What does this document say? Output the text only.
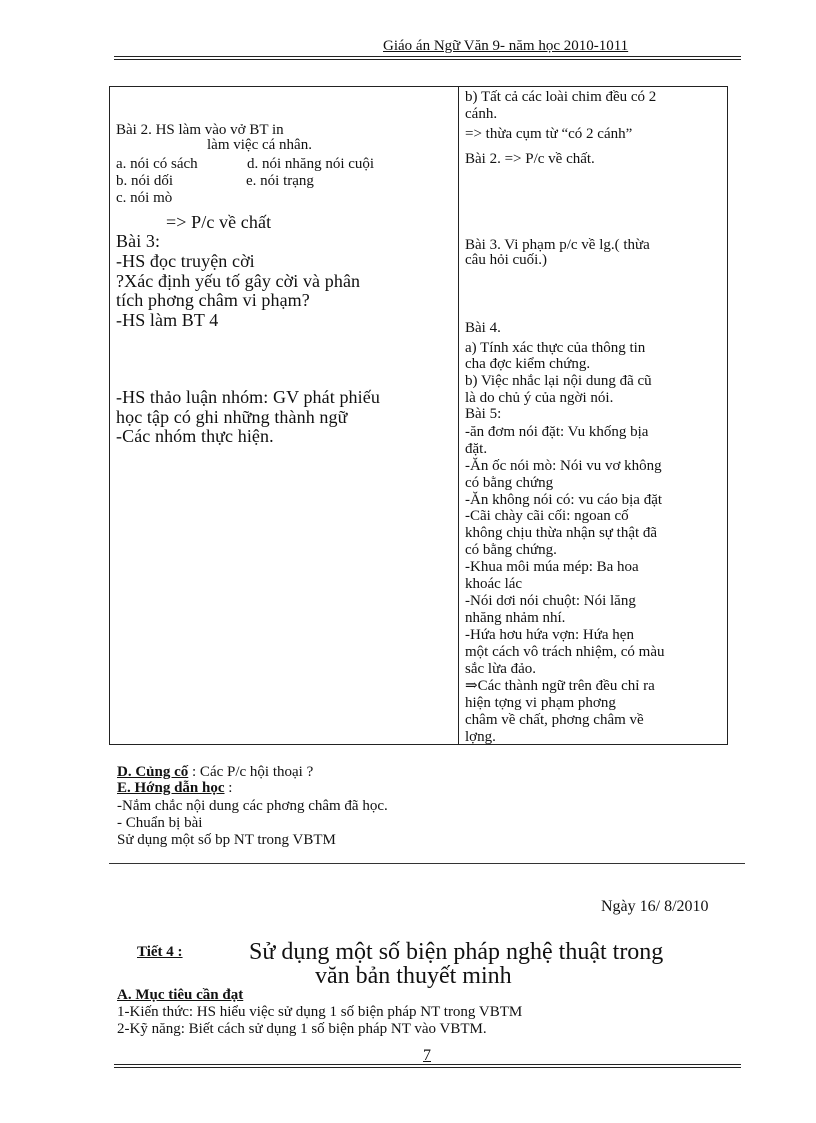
Giáo án Ngữ Văn 9- năm học 2010-1011
Bài 2. HS làm vào vở BT in
làm việc cá nhân.
a. nói có sách	d. nói nhăng nói cuội
b. nói dối	e. nói trạng
c. nói mò
=> P/c về chất
Bài 3:
-HS đọc truyện cời
?Xác định yếu tố gây cời và phân
tích phơng châm vi phạm?
-HS làm BT 4
-HS thảo luận nhóm: GV phát phiếu
học tập có ghi những thành ngữ
-Các nhóm thực hiện.
b) Tất cả các loài chim đều có 2
cánh.
=> thừa cụm từ “có 2 cánh”
Bài 2. => P/c về chất.
Bài 3. Vi phạm p/c về lg.( thừa
câu hỏi cuối.)
Bài 4.
a) Tính xác thực của thông tin
cha đợc kiểm chứng.
b) Việc nhắc lại nội dung đã cũ
là do chủ ý của ngời nói.
Bài 5:
-ăn đơm nói đặt: Vu khống bịa
đặt.
-Ăn ốc nói mò: Nói vu vơ không
có bằng chứng
-Ăn không nói có: vu cáo bịa đặt
-Cãi chày cãi cối: ngoan cố
không chịu thừa nhận sự thật đã
có bằng chứng.
-Khua môi múa mép: Ba hoa
khoác lác
-Nói dơi nói chuột: Nói lăng
nhăng nhảm nhí.
-Hứa hơu hứa vợn: Hứa hẹn
một cách vô trách nhiệm, có màu
sắc lừa đảo.
⇒Các thành ngữ trên đều chỉ ra
hiện tợng vi phạm phơng
châm về chất, phơng châm về
lợng.
D. Củng cố : Các P/c hội thoại ?
E. Hớng dẫn học :
-Nắm chắc nội dung các phơng châm đã học.
- Chuẩn bị bài
Sử dụng một số bp NT trong VBTM
Ngày 16/ 8/2010
Tiết 4 :	Sử dụng một số biện pháp nghệ thuật trong
văn bản thuyết minh
A. Mục tiêu cần đạt
1-Kiến thức: HS hiểu việc sử dụng 1 số biện pháp NT trong VBTM
2-Kỹ năng: Biết cách sử dụng 1 số biện pháp NT vào VBTM.
7
